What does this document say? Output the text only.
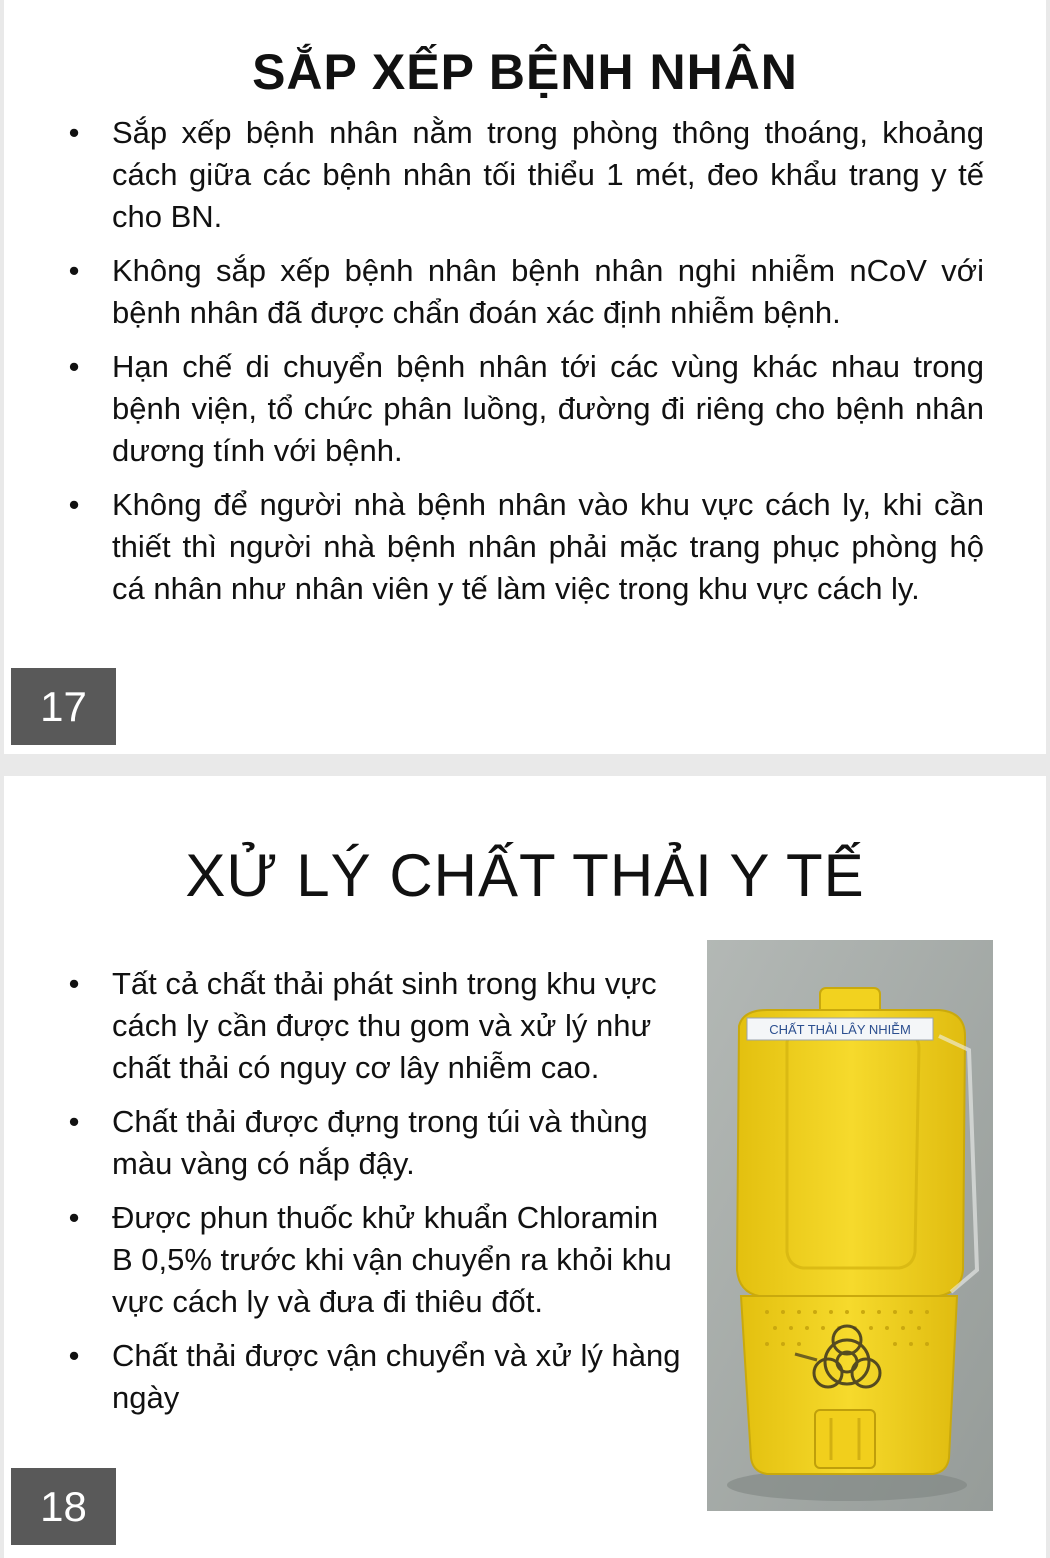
SẮP XẾP BỆNH NHÂN
• Sắp xếp bệnh nhân nằm trong phòng thông thoáng, khoảng cách giữa các bệnh nhân tối thiểu 1 mét, đeo khẩu trang y tế cho BN.
• Không sắp xếp bệnh nhân bệnh nhân nghi nhiễm nCoV với bệnh nhân đã được chẩn đoán xác định nhiễm bệnh.
• Hạn chế di chuyển bệnh nhân tới các vùng khác nhau trong bệnh viện, tổ chức phân luồng, đường đi riêng cho bệnh nhân dương tính với bệnh.
• Không để người nhà bệnh nhân vào khu vực cách ly, khi cần thiết thì người nhà bệnh nhân phải mặc trang phục phòng hộ cá nhân như nhân viên y tế làm việc trong khu vực cách ly.
17
XỬ LÝ CHẤT THẢI Y TẾ
• Tất cả chất thải phát sinh trong khu vực cách ly cần được thu gom và xử lý như chất thải có nguy cơ lây nhiễm cao.
• Chất thải được đựng trong túi và thùng màu vàng có nắp đậy.
• Được phun thuốc khử khuẩn Chloramin B 0,5% trước khi vận chuyển ra khỏi khu vực cách ly và đưa đi thiêu đốt.
• Chất thải được vận chuyển và xử lý hàng ngày
CHẤT THẢI LÂY NHIỄM
18
